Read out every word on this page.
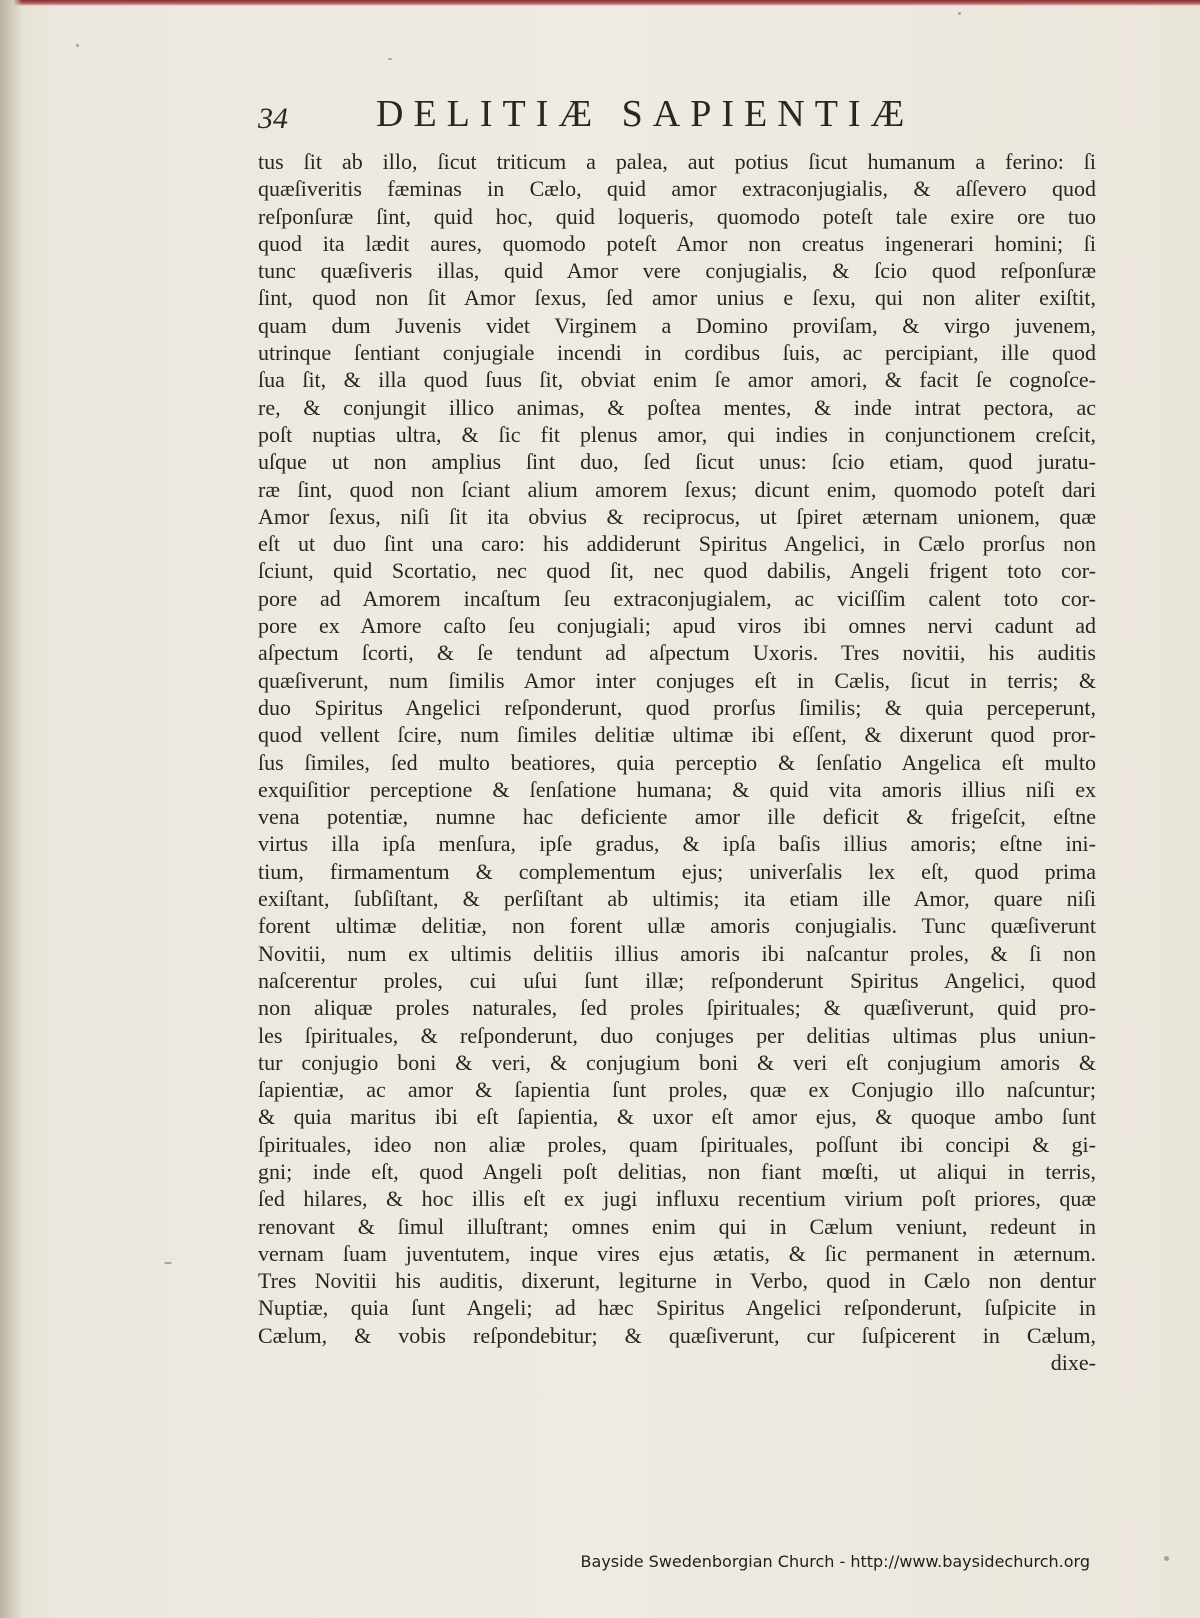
34 DELITIÆ SAPIENTIÆ
tus ſit ab illo, ſicut triticum a palea, aut potius ſicut humanum a ferino: ſi
quæſiveritis fæminas in Cælo, quid amor extraconjugialis, & aſſevero quod
reſponſuræ ſint, quid hoc, quid loqueris, quomodo poteſt tale exire ore tuo
quod ita lædit aures, quomodo poteſt Amor non creatus ingenerari homini; ſi
tunc quæſiveris illas, quid Amor vere conjugialis, & ſcio quod reſponſuræ
ſint, quod non ſit Amor ſexus, ſed amor unius e ſexu, qui non aliter exiſtit,
quam dum Juvenis videt Virginem a Domino proviſam, & virgo juvenem,
utrinque ſentiant conjugiale incendi in cordibus ſuis, ac percipiant, ille quod
ſua ſit, & illa quod ſuus ſit, obviat enim ſe amor amori, & facit ſe cognoſce-
re, & conjungit illico animas, & poſtea mentes, & inde intrat pectora, ac
poſt nuptias ultra, & ſic fit plenus amor, qui indies in conjunctionem creſcit,
uſque ut non amplius ſint duo, ſed ſicut unus: ſcio etiam, quod juratu-
ræ ſint, quod non ſciant alium amorem ſexus; dicunt enim, quomodo poteſt dari
Amor ſexus, niſi ſit ita obvius & reciprocus, ut ſpiret æternam unionem, quæ
eſt ut duo ſint una caro: his addiderunt Spiritus Angelici, in Cælo prorſus non
ſciunt, quid Scortatio, nec quod ſit, nec quod dabilis, Angeli frigent toto cor-
pore ad Amorem incaſtum ſeu extraconjugialem, ac viciſſim calent toto cor-
pore ex Amore caſto ſeu conjugiali; apud viros ibi omnes nervi cadunt ad
aſpectum ſcorti, & ſe tendunt ad aſpectum Uxoris. Tres novitii, his auditis
quæſiverunt, num ſimilis Amor inter conjuges eſt in Cælis, ſicut in terris; &
duo Spiritus Angelici reſponderunt, quod prorſus ſimilis; & quia perceperunt,
quod vellent ſcire, num ſimiles delitiæ ultimæ ibi eſſent, & dixerunt quod pror-
ſus ſimiles, ſed multo beatiores, quia perceptio & ſenſatio Angelica eſt multo
exquiſitior perceptione & ſenſatione humana; & quid vita amoris illius niſi ex
vena potentiæ, numne hac deficiente amor ille deficit & frigeſcit, eſtne
virtus illa ipſa menſura, ipſe gradus, & ipſa baſis illius amoris; eſtne ini-
tium, firmamentum & complementum ejus; univerſalis lex eſt, quod prima
exiſtant, ſubſiſtant, & perſiſtant ab ultimis; ita etiam ille Amor, quare niſi
forent ultimæ delitiæ, non forent ullæ amoris conjugialis. Tunc quæſiverunt
Novitii, num ex ultimis delitiis illius amoris ibi naſcantur proles, & ſi non
naſcerentur proles, cui uſui ſunt illæ; reſponderunt Spiritus Angelici, quod
non aliquæ proles naturales, ſed proles ſpirituales; & quæſiverunt, quid pro-
les ſpirituales, & reſponderunt, duo conjuges per delitias ultimas plus uniun-
tur conjugio boni & veri, & conjugium boni & veri eſt conjugium amoris &
ſapientiæ, ac amor & ſapientia ſunt proles, quæ ex Conjugio illo naſcuntur;
& quia maritus ibi eſt ſapientia, & uxor eſt amor ejus, & quoque ambo ſunt
ſpirituales, ideo non aliæ proles, quam ſpirituales, poſſunt ibi concipi & gi-
gni; inde eſt, quod Angeli poſt delitias, non fiant mœſti, ut aliqui in terris,
ſed hilares, & hoc illis eſt ex jugi influxu recentium virium poſt priores, quæ
renovant & ſimul illuſtrant; omnes enim qui in Cælum veniunt, redeunt in
vernam ſuam juventutem, inque vires ejus ætatis, & ſic permanent in æternum.
Tres Novitii his auditis, dixerunt, legiturne in Verbo, quod in Cælo non dentur
Nuptiæ, quia ſunt Angeli; ad hæc Spiritus Angelici reſponderunt, ſuſpicite in
Cælum, & vobis reſpondebitur; & quæſiverunt, cur ſuſpicerent in Cælum,
dixe-
Bayside Swedenborgian Church - http://www.baysidechurch.org
